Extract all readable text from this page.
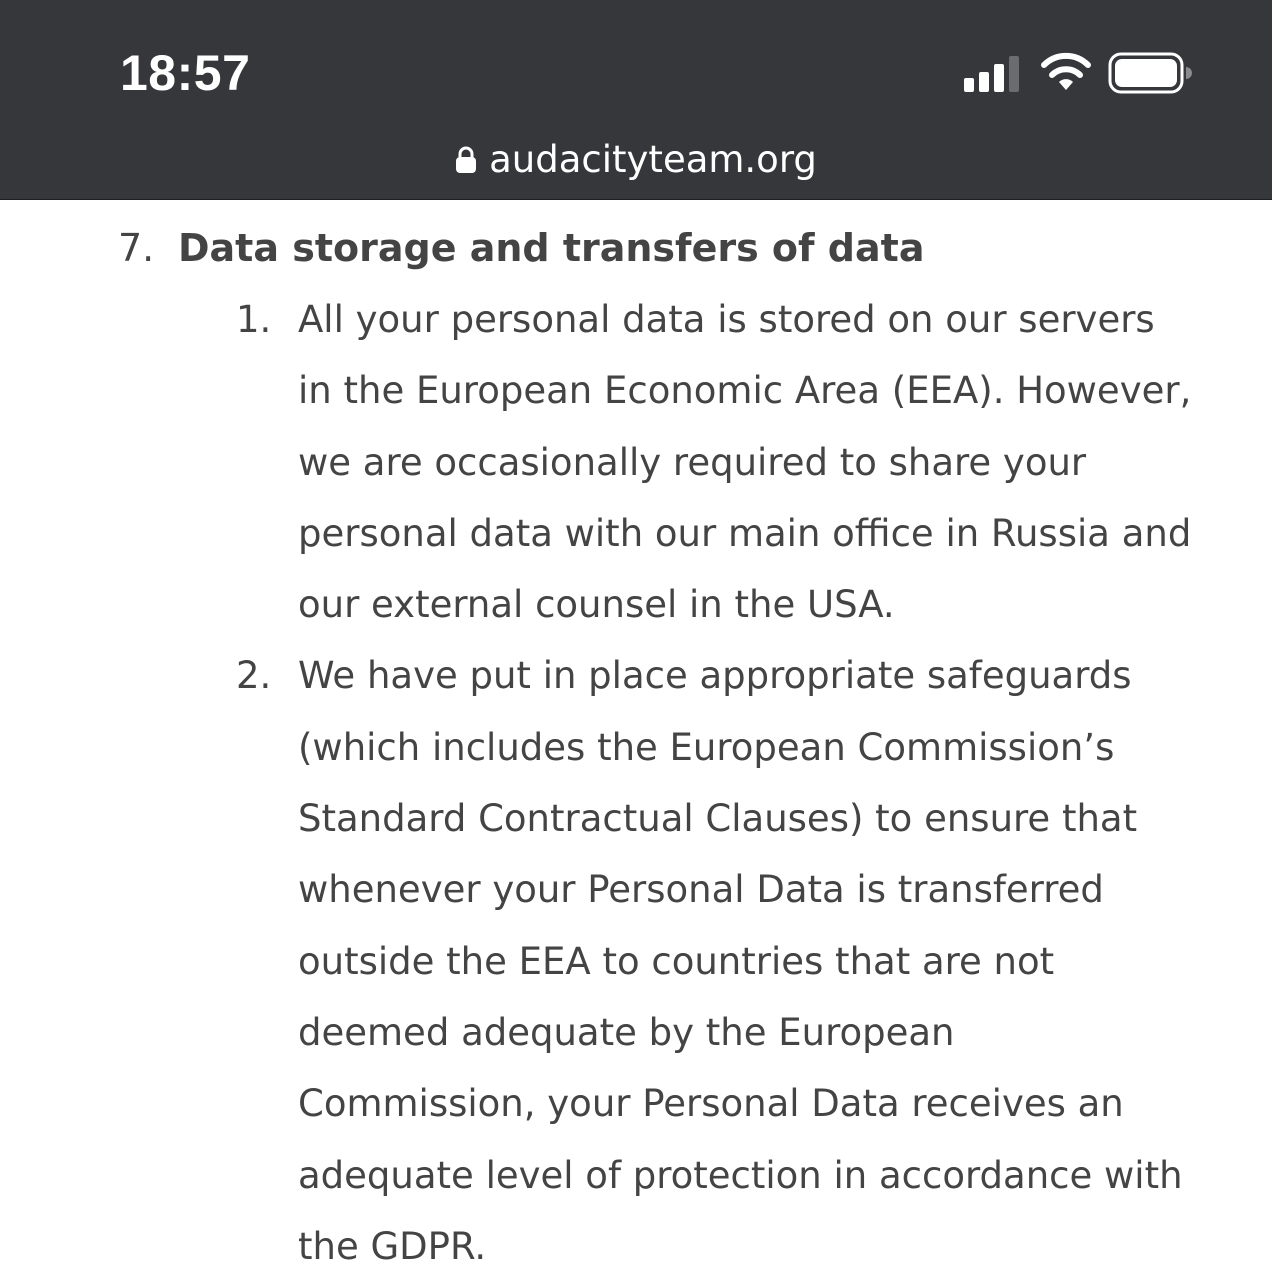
18:57
audacityteam.org
7. Data storage and transfers of data
1. All your personal data is stored on our servers in the European Economic Area (EEA). However, we are occasionally required to share your personal data with our main office in Russia and our external counsel in the USA.
2. We have put in place appropriate safeguards (which includes the European Commission’s Standard Contractual Clauses) to ensure that whenever your Personal Data is transferred outside the EEA to countries that are not deemed adequate by the European Commission, your Personal Data receives an adequate level of protection in accordance with the GDPR.
